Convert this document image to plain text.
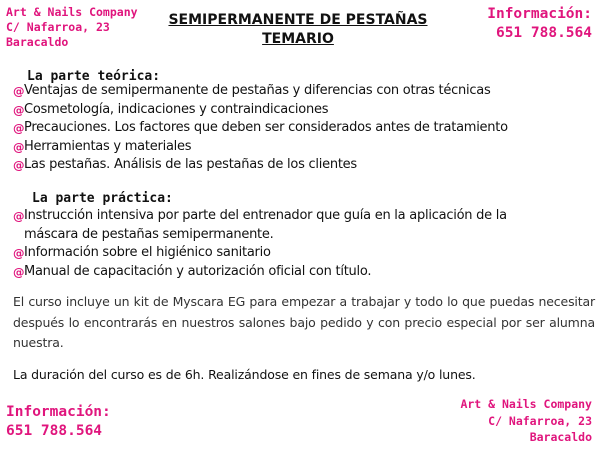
Art & Nails Company
C/ Nafarroa, 23
Baracaldo
Información:
651 788.564
SEMIPERMANENTE DE PESTAÑAS
TEMARIO
La parte teórica:
@ Ventajas de semipermanente de pestañas y diferencias con otras técnicas
@ Cosmetología, indicaciones y contraindicaciones
@ Precauciones. Los factores que deben ser considerados antes de tratamiento
@ Herramientas y materiales
@ Las pestañas. Análisis de las pestañas de los clientes
La parte práctica:
@ Instrucción intensiva por parte del entrenador que guía en la aplicación de la máscara de pestañas semipermanente.
@ Información sobre el higiénico sanitario
@ Manual de capacitación y autorización oficial con título.
El curso incluye un kit de Myscara EG para empezar a trabajar y todo lo que puedas necesitar después lo encontrarás en nuestros salones bajo pedido y con precio especial por ser alumna nuestra.
La duración del curso es de 6h. Realizándose en fines de semana y/o lunes.
Información:
651 788.564
Art & Nails Company
C/ Nafarroa, 23
Baracaldo
